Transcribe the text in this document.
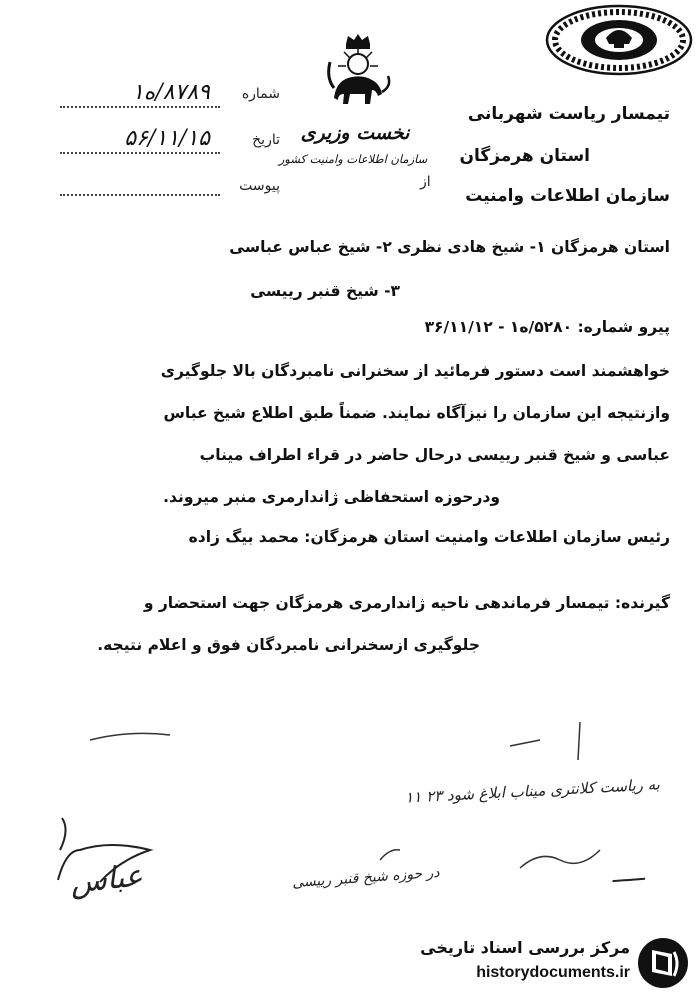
نخست وزیری
سازمان اطلاعات وامنیت کشور
شماره
۸۷۸۹/ه۱
تاریخ
۵۶/۱۱/۱۵
پیوست	از
تیمسار ریاست شهربانی
استان هرمزگان
سازمان اطلاعات وامنیت
استان هرمزگان ۱- شیخ هادی نظری ۲- شیخ عباس عباسی
۳- شیخ قنبر رییسی
پیرو شماره: ۵۲۸۰/ه۱ - ۳۶/۱۱/۱۲
خواهشمند است دستور فرمائید از سخنرانی نامبردگان بالا جلوگیری
وازنتیجه این سازمان را نیزآگاه نمایند. ضمناً طبق اطلاع شیخ عباس
عباسی و شیخ قنبر رییسی درحال حاضر در قراء اطراف میناب
ودرحوزه استحفاظی ژاندارمری منبر میروند.
رئیس سازمان اطلاعات وامنیت استان هرمزگان: محمد بیگ زاده
گیرنده: تیمسار فرماندهی ناحیه ژاندارمری هرمزگان جهت استحضار و
جلوگیری ازسخنرانی نامبردگان فوق و اعلام نتیجه.
به ریاست کلانتری میناب ابلاغ شود ۲۳ ۱۱
در حوزه شیخ قنبر رییسی
عباس	ـــــ
مرکز بررسی اسناد تاریخی
historydocuments.ir
